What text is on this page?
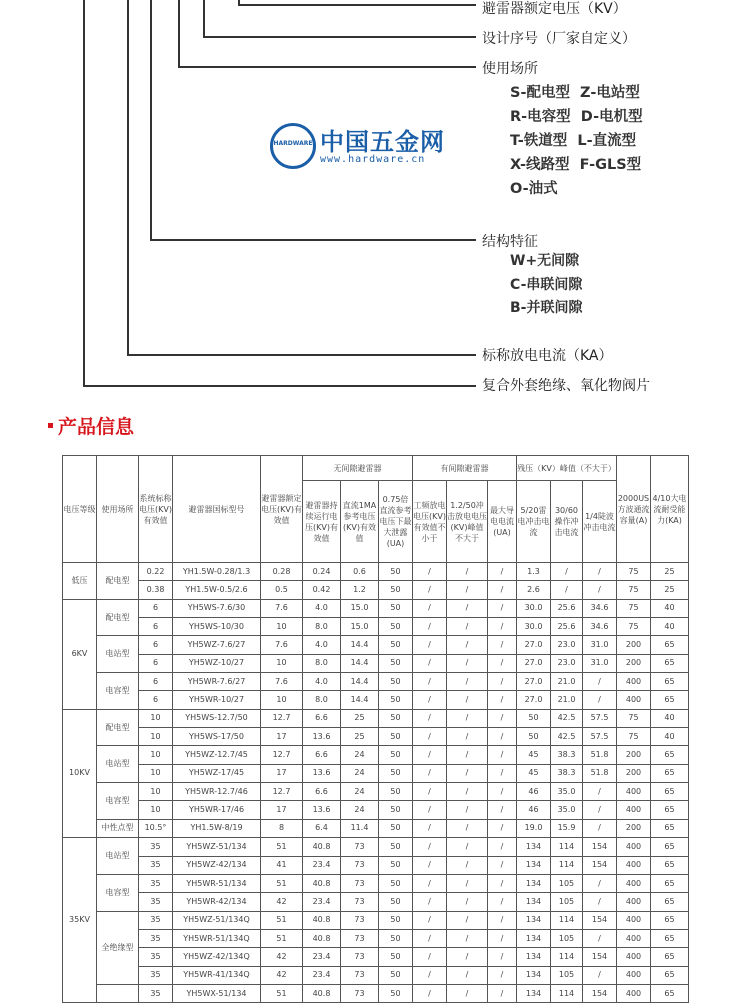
避雷器额定电压（KV）
设计序号（厂家自定义）
使用场所
S-配电型  Z-电站型
R-电容型  D-电机型
T-铁道型  L-直流型
X-线路型  F-GLS型
O-油式
结构特征
W+无间隙
C-串联间隙
B-并联间隙
标称放电电流（KA）
复合外套绝缘、氧化物阀片
产品信息
电压等级	使用场所	系统标称电压(KV)有效值	避雷器国标型号	避雷器额定电压(KV)有效值	无间隙避雷器			有间隙避雷器			残压（KV）峰值（不大于）			2000US方波通流容量(A)	4/10大电流耐受能力(KA)
					避雷器持续运行电压(KV)有效值	直流1MA参考电压(KV)有效值	0.75倍直流参考电压下最大泄露(UA)	工频放电电压(KV)有效值不小于	1.2/50冲击放电电压(KV)峰值不大于	最大导电电流(UA)	5/20雷电冲击电流	30/60操作冲击电流	1/4陡波冲击电流		
低压	配电型	0.22	YH1.5W-0.28/1.3	0.28	0.24	0.6	50	/	/	/	1.3	/	/	75	25
		0.38	YH1.5W-0.5/2.6	0.5	0.42	1.2	50	/	/	/	2.6	/	/	75	25
6KV	配电型	6	YH5WS-7.6/30	7.6	4.0	15.0	50	/	/	/	30.0	25.6	34.6	75	40
		6	YH5WS-10/30	10	8.0	15.0	50	/	/	/	30.0	25.6	34.6	75	40
	电站型	6	YH5WZ-7.6/27	7.6	4.0	14.4	50	/	/	/	27.0	23.0	31.0	200	65
		6	YH5WZ-10/27	10	8.0	14.4	50	/	/	/	27.0	23.0	31.0	200	65
	电容型	6	YH5WR-7.6/27	7.6	4.0	14.4	50	/	/	/	27.0	21.0	/	400	65
		6	YH5WR-10/27	10	8.0	14.4	50	/	/	/	27.0	21.0	/	400	65
10KV	配电型	10	YH5WS-12.7/50	12.7	6.6	25	50	/	/	/	50	42.5	57.5	75	40
		10	YH5WS-17/50	17	13.6	25	50	/	/	/	50	42.5	57.5	75	40
	电站型	10	YH5WZ-12.7/45	12.7	6.6	24	50	/	/	/	45	38.3	51.8	200	65
		10	YH5WZ-17/45	17	13.6	24	50	/	/	/	45	38.3	51.8	200	65
	电容型	10	YH5WR-12.7/46	12.7	6.6	24	50	/	/	/	46	35.0	/	400	65
		10	YH5WR-17/46	17	13.6	24	50	/	/	/	46	35.0	/	400	65
	中性点型	10.5°	YH1.5W-8/19	8	6.4	11.4	50	/	/	/	19.0	15.9	/	200	65
35KV	电站型	35	YH5WZ-51/134	51	40.8	73	50	/	/	/	134	114	154	400	65
		35	YH5WZ-42/134	41	23.4	73	50	/	/	/	134	114	154	400	65
	电容型	35	YH5WR-51/134	51	40.8	73	50	/	/	/	134	105	/	400	65
		35	YH5WR-42/134	42	23.4	73	50	/	/	/	134	105	/	400	65
	全绝缘型	35	YH5WZ-51/134Q	51	40.8	73	50	/	/	/	134	114	154	400	65
		35	YH5WR-51/134Q	51	40.8	73	50	/	/	/	134	105	/	400	65
		35	YH5WZ-42/134Q	42	23.4	73	50	/	/	/	134	114	154	400	65
		35	YH5WR-41/134Q	42	23.4	73	50	/	/	/	134	105	/	400	65
		35	YH5WX-51/134	51	40.8	73	50	/	/	/	134	114	154	400	65
HARDWARE 中国五金网
www.hardware.cn
